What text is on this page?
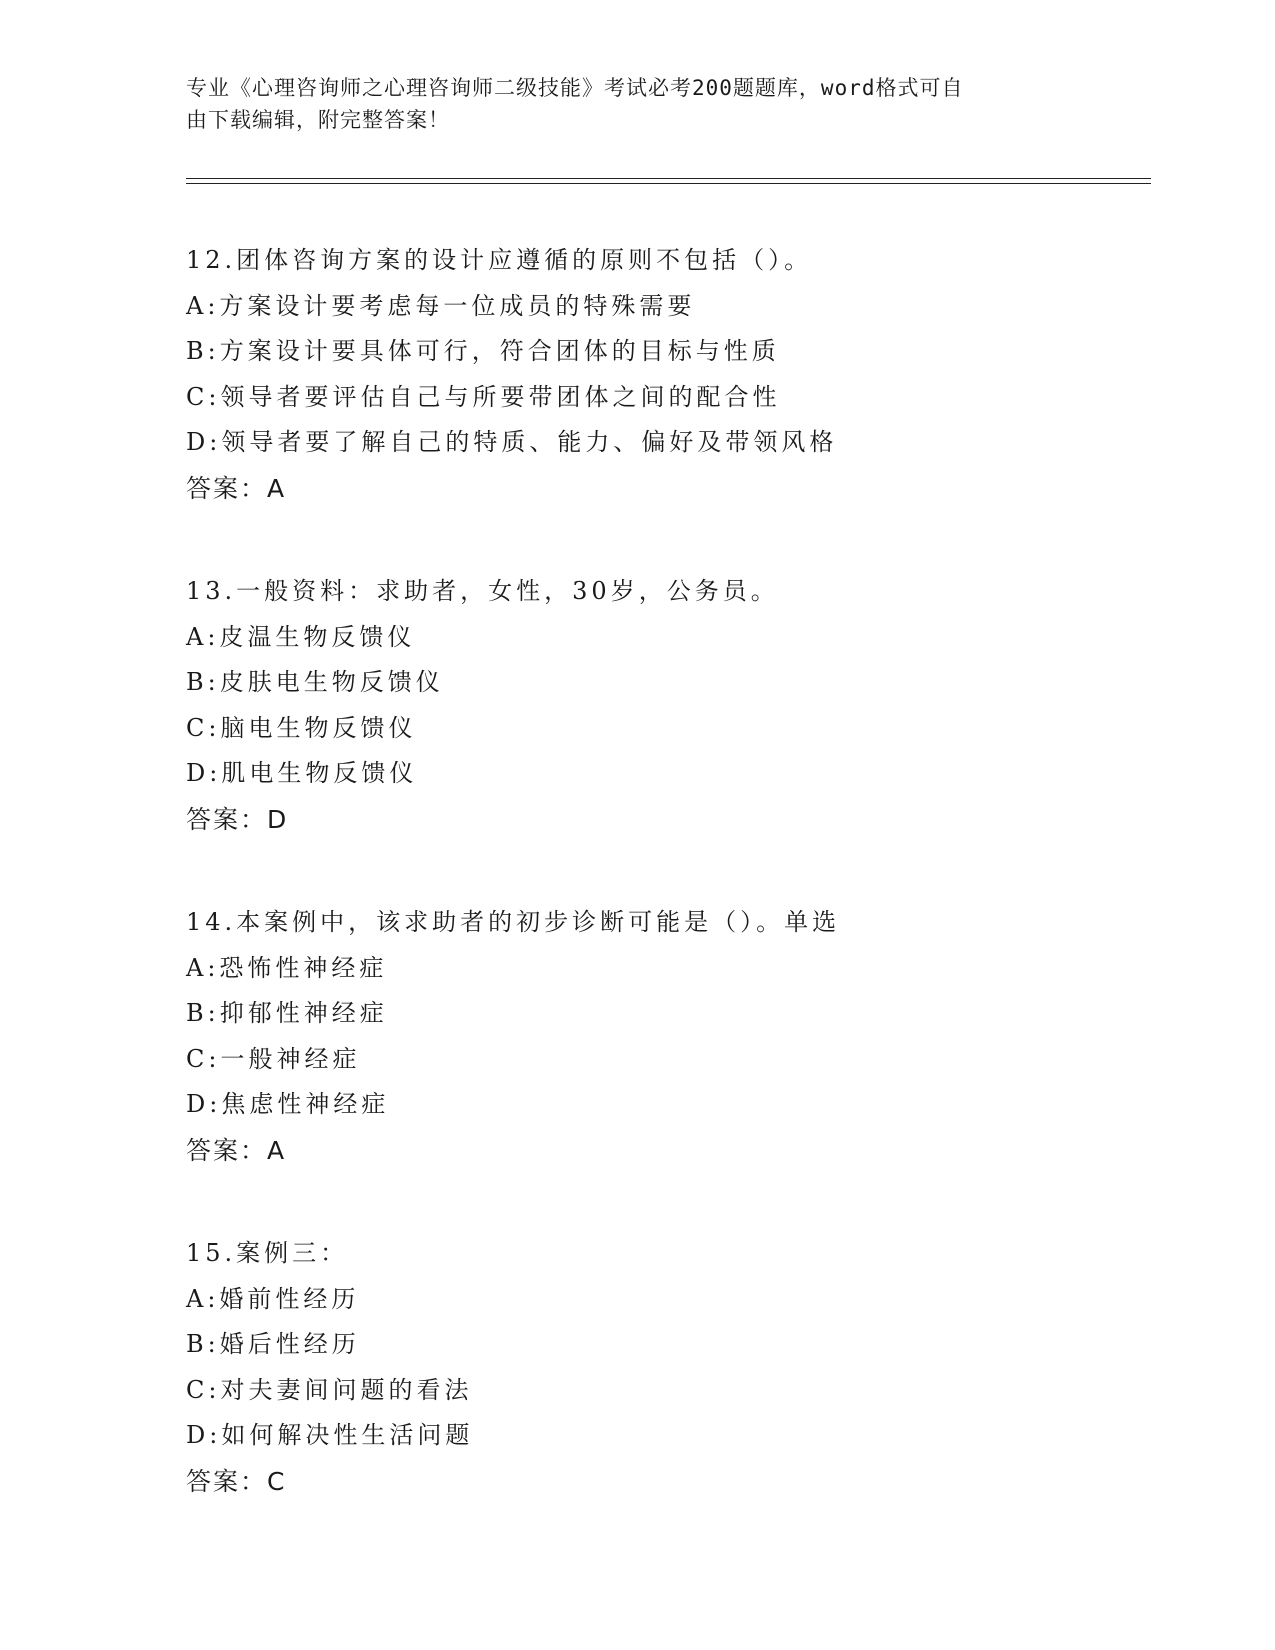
专业《心理咨询师之心理咨询师二级技能》考试必考200题题库，word格式可自
由下载编辑，附完整答案！
12.团体咨询方案的设计应遵循的原则不包括（）。
A:方案设计要考虑每一位成员的特殊需要
B:方案设计要具体可行，符合团体的目标与性质
C:领导者要评估自己与所要带团体之间的配合性
D:领导者要了解自己的特质、能力、偏好及带领风格
答案：A
13.一般资料：求助者，女性，30岁，公务员。
A:皮温生物反馈仪
B:皮肤电生物反馈仪
C:脑电生物反馈仪
D:肌电生物反馈仪
答案：D
14.本案例中，该求助者的初步诊断可能是（）。单选
A:恐怖性神经症
B:抑郁性神经症
C:一般神经症
D:焦虑性神经症
答案：A
15.案例三：
A:婚前性经历
B:婚后性经历
C:对夫妻间问题的看法
D:如何解决性生活问题
答案：C
